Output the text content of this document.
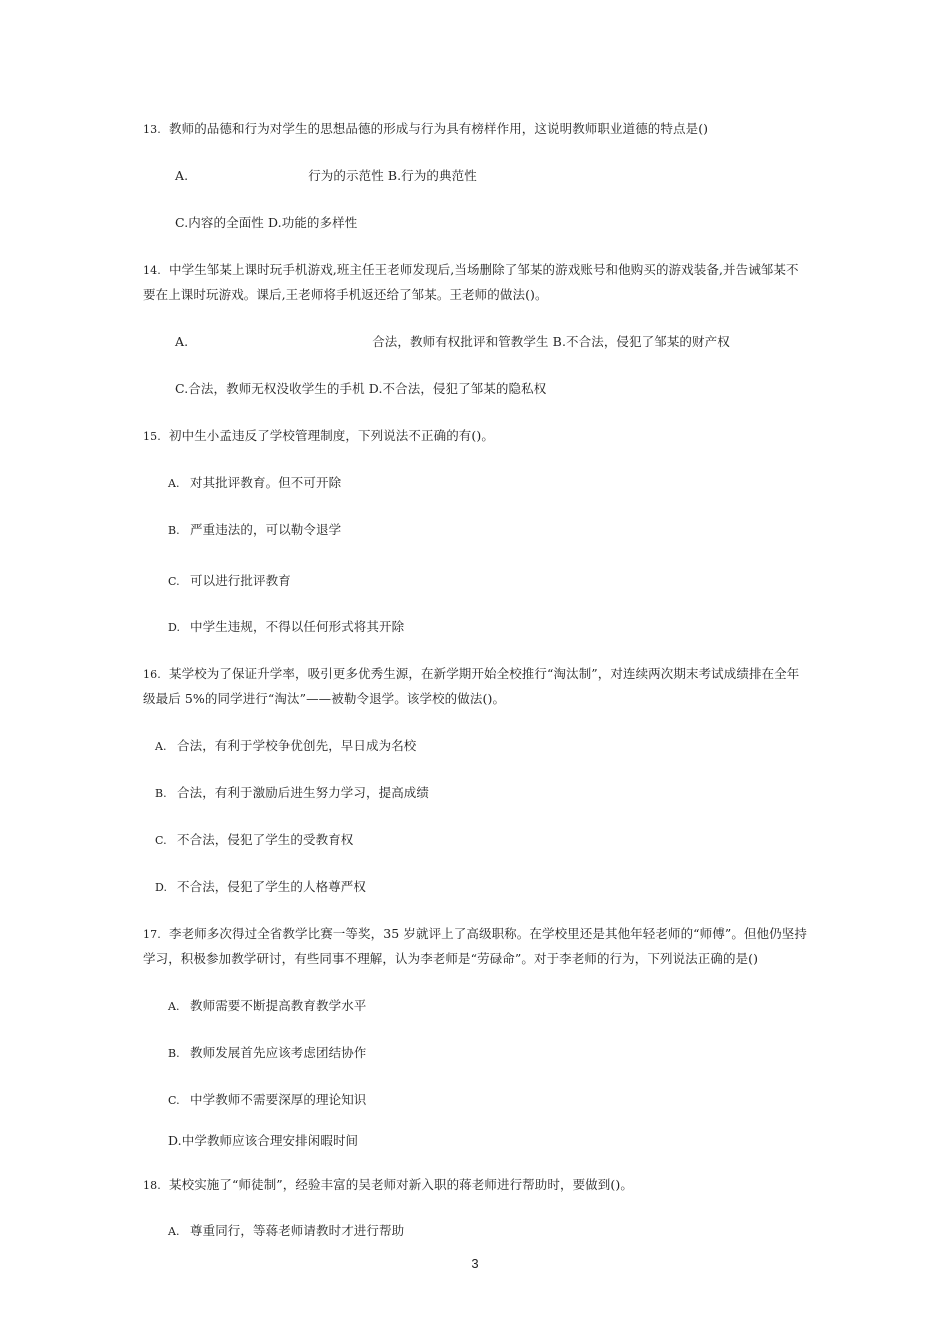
13. 教师的品德和行为对学生的思想品德的形成与行为具有榜样作用，这说明教师职业道德的特点是()
A.	行为的示范性 B.行为的典范性
C.内容的全面性 D.功能的多样性
14. 中学生邹某上课时玩手机游戏,班主任王老师发现后,当场删除了邹某的游戏账号和他购买的游戏装备,并告诫邹某不
要在上课时玩游戏。课后,王老师将手机返还给了邹某。王老师的做法()。
A.	合法，教师有权批评和管教学生 B.不合法，侵犯了邹某的财产权
C.合法，教师无权没收学生的手机 D.不合法，侵犯了邹某的隐私权
15. 初中生小孟违反了学校管理制度，下列说法不正确的有()。
A. 对其批评教育。但不可开除
B. 严重违法的，可以勒令退学
C. 可以进行批评教育
D. 中学生违规，不得以任何形式将其开除
16. 某学校为了保证升学率，吸引更多优秀生源，在新学期开始全校推行“淘汰制”，对连续两次期末考试成绩排在全年
级最后 5%的同学进行“淘汰”——被勒令退学。该学校的做法()。
A. 合法，有利于学校争优创先，早日成为名校
B. 合法，有利于激励后进生努力学习，提高成绩
C. 不合法，侵犯了学生的受教育权
D. 不合法，侵犯了学生的人格尊严权
17. 李老师多次得过全省教学比赛一等奖，35 岁就评上了高级职称。在学校里还是其他年轻老师的“师傅”。但他仍坚持
学习，积极参加教学研讨，有些同事不理解，认为李老师是“劳碌命”。对于李老师的行为，下列说法正确的是()
A. 教师需要不断提高教育教学水平
B. 教师发展首先应该考虑团结协作
C. 中学教师不需要深厚的理论知识
D.中学教师应该合理安排闲暇时间
18. 某校实施了“师徒制”，经验丰富的吴老师对新入职的蒋老师进行帮助时，要做到()。
A. 尊重同行，等蒋老师请教时才进行帮助
3
